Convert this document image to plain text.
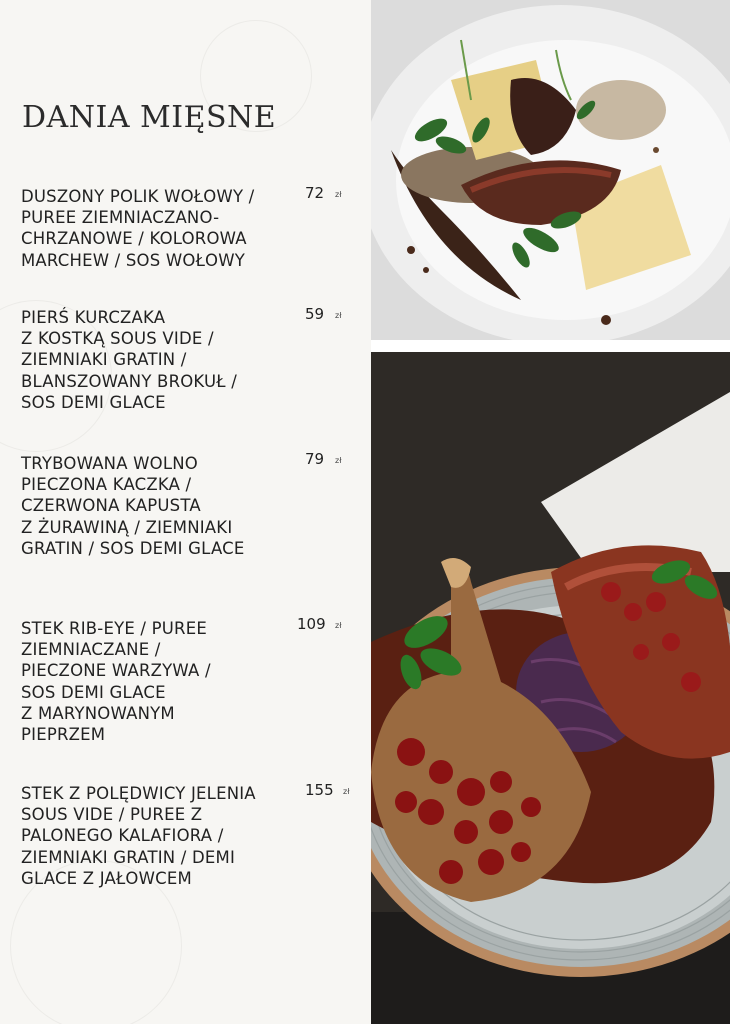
DANIA MIĘSNE
DUSZONY POLIK WOŁOWY /
PUREE ZIEMNIACZANO-
CHRZANOWE / KOLOROWA
MARCHEW / SOS WOŁOWY
72 zł
PIERŚ KURCZAKA
Z KOSTKĄ SOUS VIDE /
ZIEMNIAKI GRATIN /
BLANSZOWANY BROKUŁ /
SOS DEMI GLACE
59 zł
TRYBOWANA WOLNO
PIECZONA KACZKA /
CZERWONA KAPUSTA
Z ŻURAWINĄ / ZIEMNIAKI
GRATIN / SOS DEMI GLACE
79 zł
STEK RIB-EYE / PUREE
ZIEMNIACZANE /
PIECZONE WARZYWA /
SOS DEMI GLACE
Z MARYNOWANYM
PIEPRZEM
109 zł
STEK Z POLĘDWICY JELENIA
SOUS VIDE / PUREE Z
PALONEGO KALAFIORA /
ZIEMNIAKI GRATIN / DEMI
GLACE Z JAŁOWCEM
155 zł
